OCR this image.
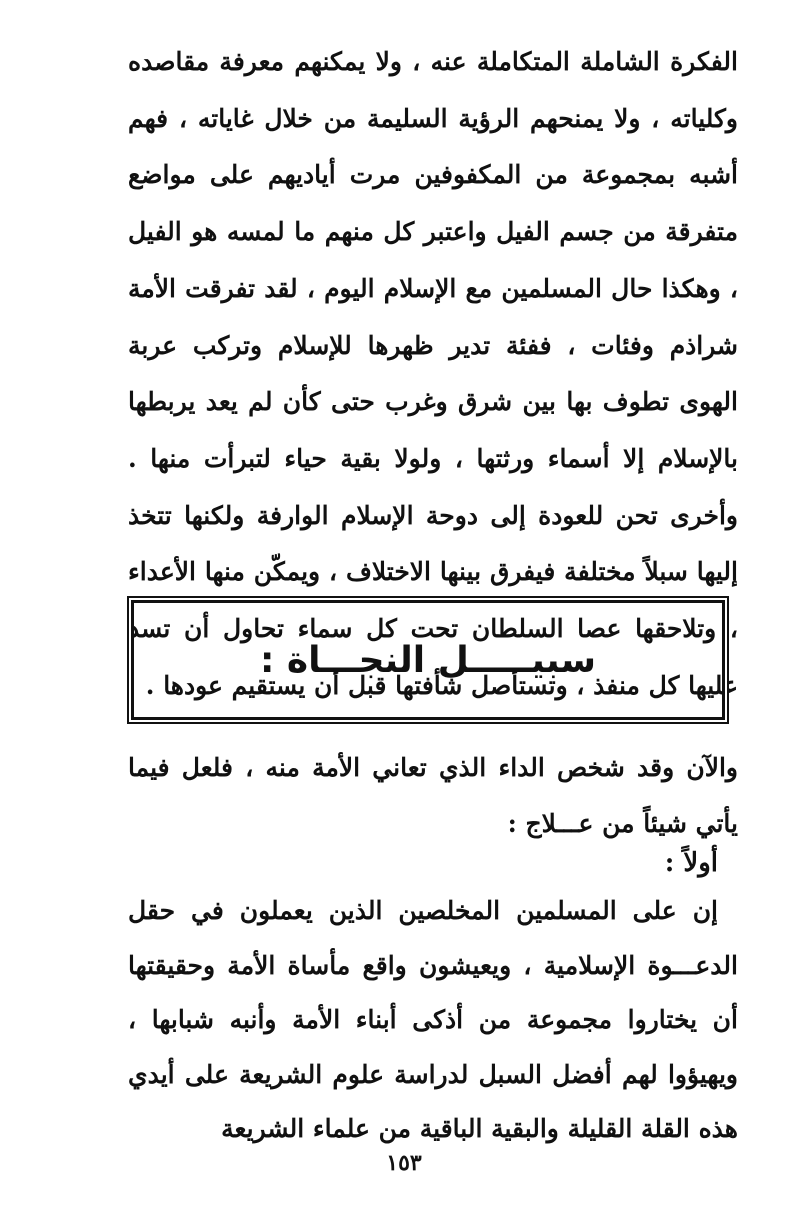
الفكرة الشاملة المتكاملة عنه ، ولا يمكنهم معرفة مقاصده وكلياته ، ولا يمنحهم الرؤية السليمة من خلال غاياته ، فهم أشبه بمجموعة من المكفوفين مرت أياديهم على مواضع متفرقة من جسم الفيل واعتبر كل منهم ما لمسه هو الفيل ، وهكذا حال المسلمين مع الإسلام اليوم ، لقد تفرقت الأمة شراذم وفئات ، ففئة تدير ظهرها للإسلام وتركب عربة الهوى تطوف بها بين شرق وغرب حتى كأن لم يعد يربطها بالإسلام إلا أسماء ورثتها ، ولولا بقية حياء لتبرأت منها . وأخرى تحن للعودة إلى دوحة الإسلام الوارفة ولكنها تتخذ إليها سبلاً مختلفة فيفرق بينها الاختلاف ، ويمكّن منها الأعداء ، وتلاحقها عصا السلطان تحت كل سماء تحاول أن تسد عليها كل منفذ ، وتستأصل شأفتها قبل أن يستقيم عودها .

سبيـــــل النجـــاة :

والآن وقد شخص الداء الذي تعاني الأمة منه ، فلعل فيما يأتي شيئاً من عـــلاج :

أولاً :

إن على المسلمين المخلصين الذين يعملون في حقل الدعـــوة الإسلامية ، ويعيشون واقع مأساة الأمة وحقيقتها أن يختاروا مجموعة من أذكى أبناء الأمة وأنبه شبابها ، ويهيؤوا لهم أفضل السبل لدراسة علوم الشريعة على أيدي هذه القلة القليلة والبقية الباقية من علماء الشريعة

١٥٣
